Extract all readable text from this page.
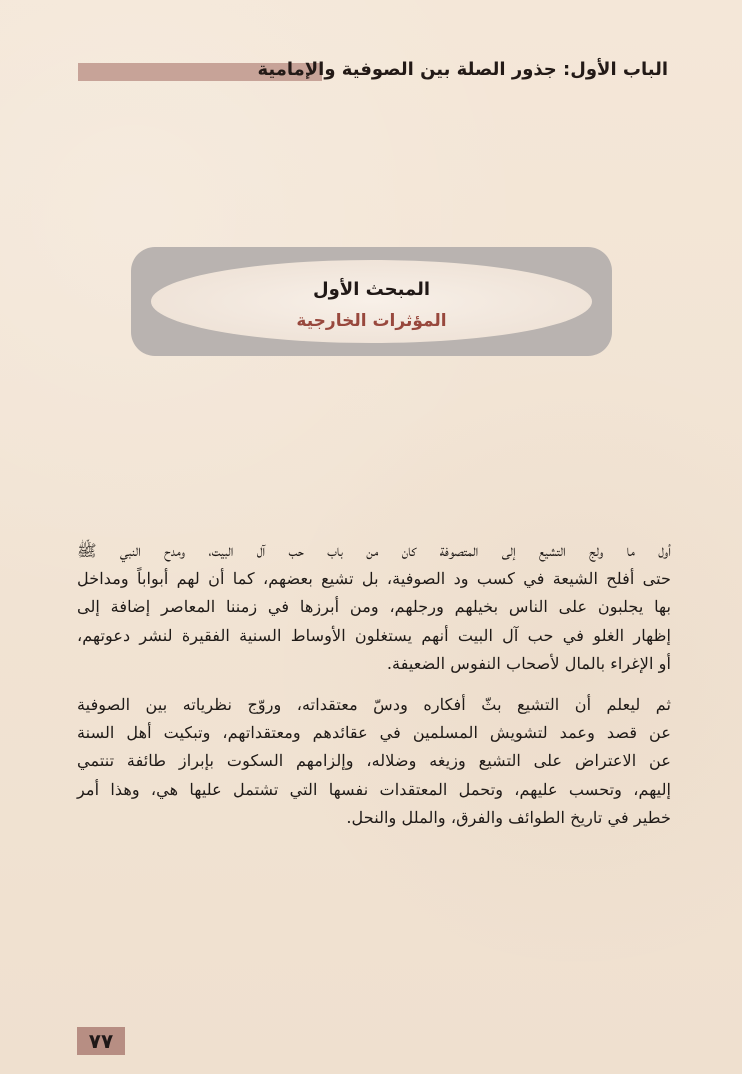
الباب الأول: جذور الصلة بين الصوفية والإمامية
المبحث الأول
المؤثرات الخارجية

أول ما ولج التشيع إلى المتصوفة كان من باب حب آل البيت، ومدح النبي ﷺ
حتى أفلح الشيعة في كسب ود الصوفية، بل تشيع بعضهم، كما أن لهم أبواباً ومداخل
بها يجلبون على الناس بخيلهم ورجلهم، ومن أبرزها في زمننا المعاصر إضافة إلى
إظهار الغلو في حب آل البيت أنهم يستغلون الأوساط السنية الفقيرة لنشر دعوتهم،
أو الإغراء بالمال لأصحاب النفوس الضعيفة.

ثم ليعلم أن التشيع بثّ أفكاره ودسّ معتقداته، وروّج نظرياته بين الصوفية
عن قصد وعمد لتشويش المسلمين في عقائدهم ومعتقداتهم، وتبكيت أهل السنة
عن الاعتراض على التشيع وزيغه وضلاله، وإلزامهم السكوت بإبراز طائفة تنتمي
إليهم، وتحسب عليهم، وتحمل المعتقدات نفسها التي تشتمل عليها هي، وهذا أمر
خطير في تاريخ الطوائف والفرق، والملل والنحل.

٧٧
